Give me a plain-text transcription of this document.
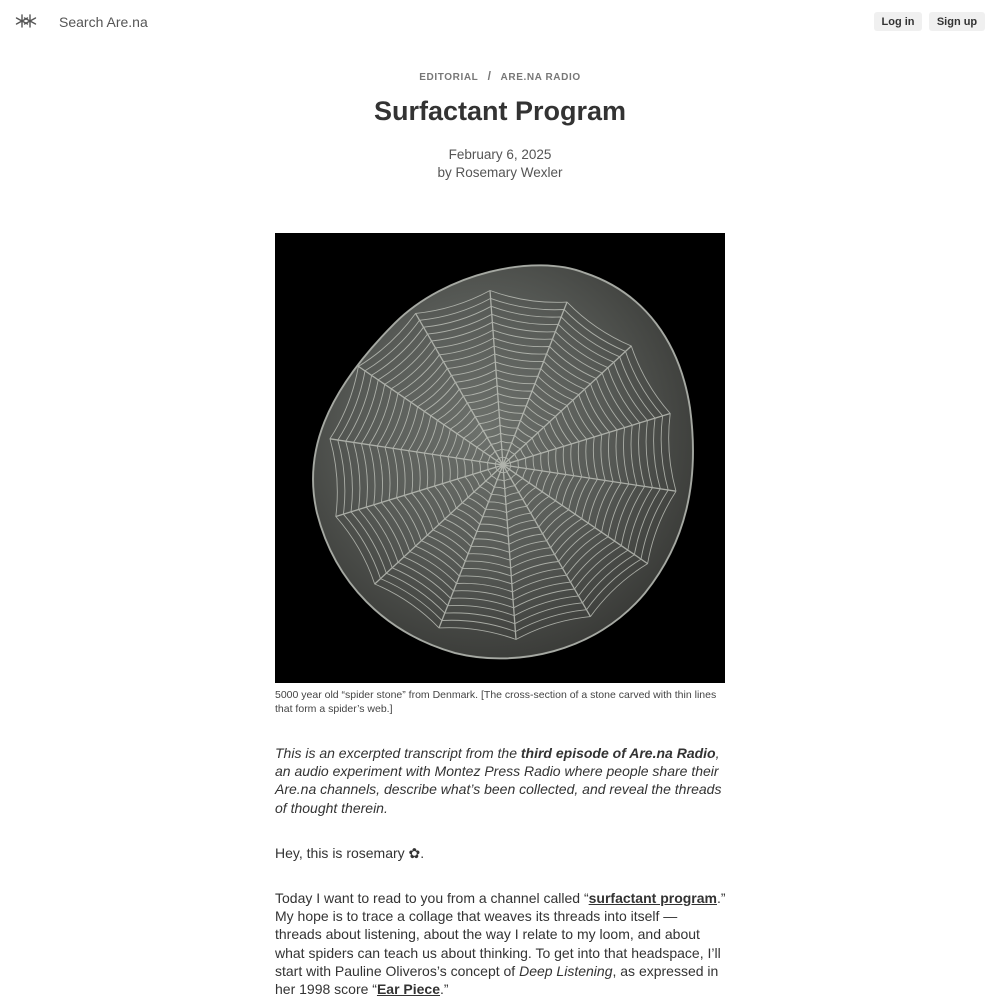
Search Are.na
Log in	Sign up
EDITORIAL / ARE.NA RADIO
Surfactant Program
February 6, 2025
by Rosemary Wexler

5000 year old “spider stone” from Denmark. [The cross-section of a stone carved with thin lines that form a spider’s web.]

This is an excerpted transcript from the third episode of Are.na Radio, an audio experiment with Montez Press Radio where people share their Are.na channels, describe what’s been collected, and reveal the threads of thought therein.

Hey, this is rosemary ✿.

Today I want to read to you from a channel called “surfactant program.” My hope is to trace a collage that weaves its threads into itself — threads about listening, about the way I relate to my loom, and about what spiders can teach us about thinking. To get into that headspace, I’ll start with Pauline Oliveros’s concept of Deep Listening, as expressed in her 1998 score “Ear Piece.”
